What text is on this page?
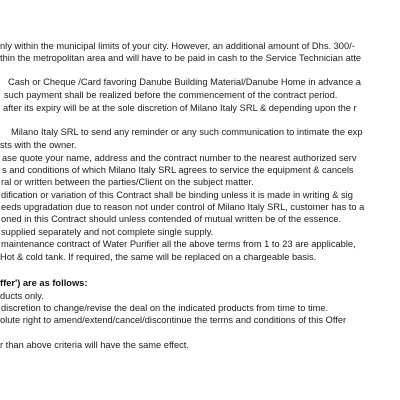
nly within the municipal limits of your city. However, an additional amount of Dhs. 300/-
thin the metropolitan area and will have to be paid in cash to the Service Technician atte
Cash or Cheque /Card favoring Danube Building Material/Danube Home in advance a
such payment shall be realized before the commencement of the contract period.
after its expiry will be at the sole discretion of Milano Italy SRL & depending upon the r
Milano Italy SRL to send any reminder or any such communication to intimate the exp
sts with the owner.
ase quote your name, address and the contract number to the nearest authorized serv
s and conditions of which Milano Italy SRL agrees to service the equipment & cancels
ral or written between the parties/Client on the subject matter.
dification or variation of this Contract shall be binding unless it is made in writing & sig
eeds upgradation due to reason not under control of Milano Italy SRL, customer has to a
oned in this Contract should unless contended of mutual written be of the essence.
supplied separately and not complete single supply.
maintenance contract of Water Purifier all the above terms from 1 to 23 are applicable,
Hot & cold tank. If required, the same will be replaced on a chargeable basis.
ffer') are as follows:
ducts only.
discretion to change/revise the deal on the indicated products from time to time.
olute right to amend/extend/cancel/discontinue the terms and conditions of this Offer
r than above criteria will have the same effect.
